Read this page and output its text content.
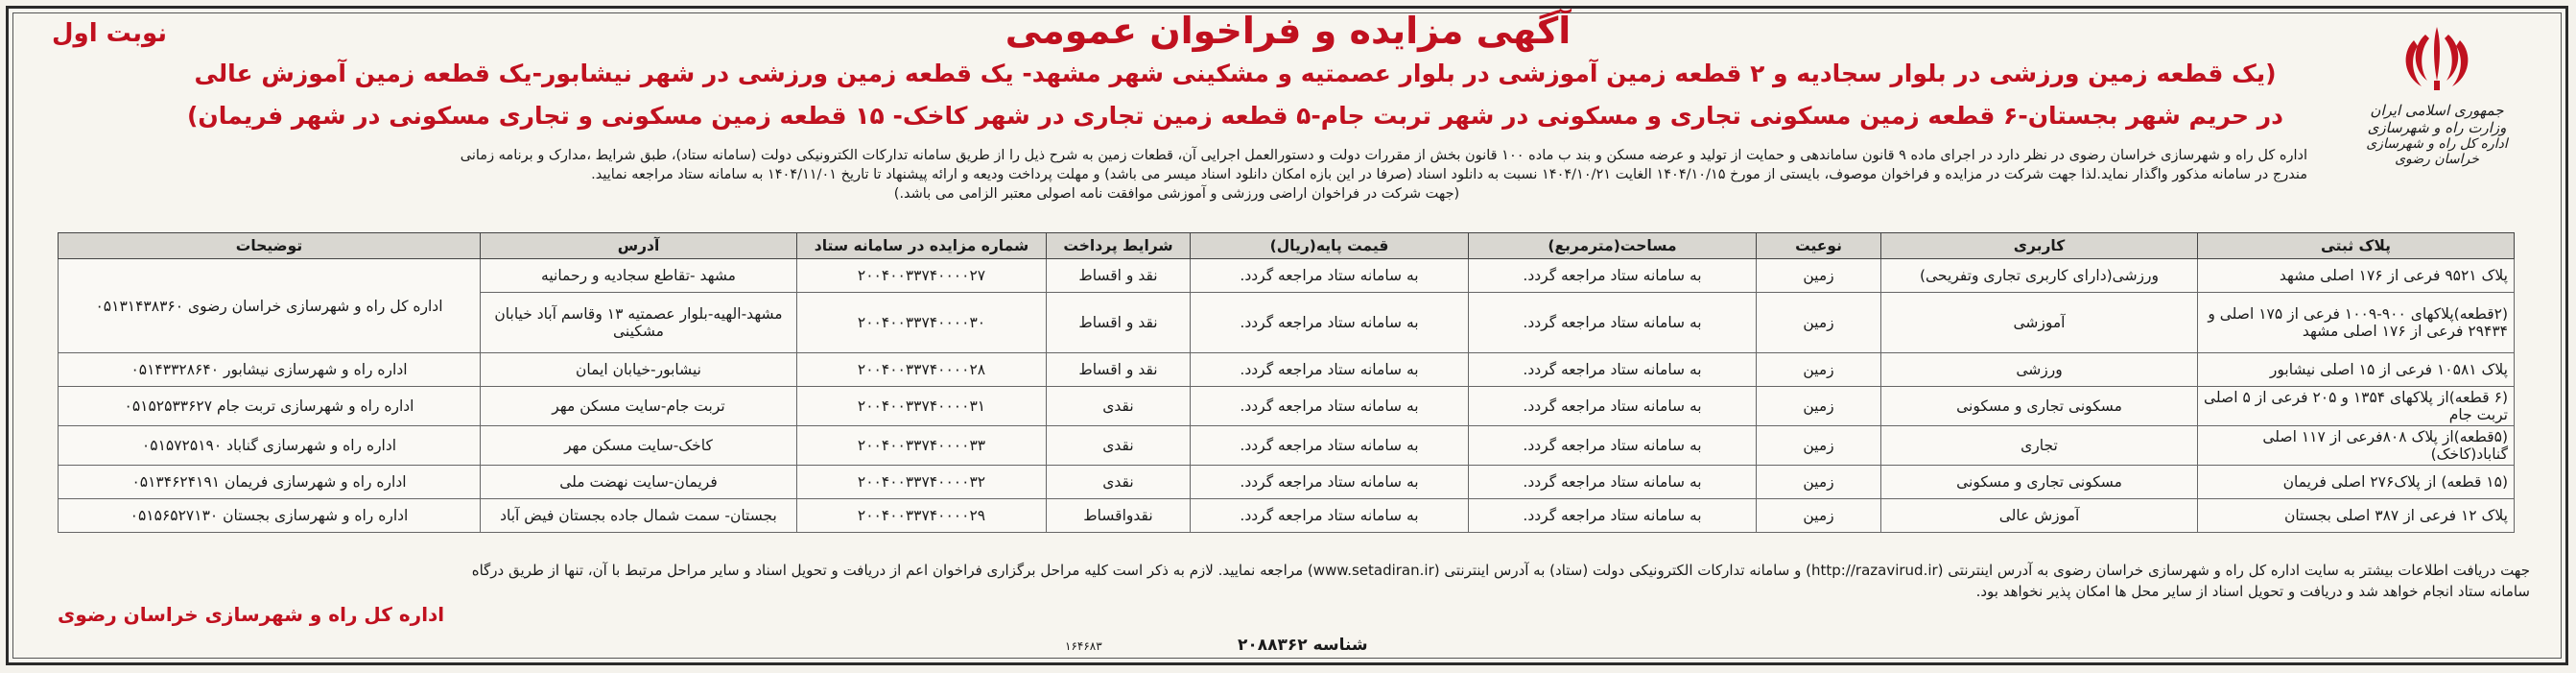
نوبت اول	آگهی مزایده و فراخوان عمومی
(یک قطعه زمین ورزشی در بلوار سجادیه و ۲ قطعه زمین آموزشی در بلوار عصمتیه و مشکینی شهر مشهد- یک قطعه زمین ورزشی در شهر نیشابور-یک قطعه زمین آموزش عالی
در حریم شهر بجستان-۶ قطعه زمین مسکونی تجاری و مسکونی در شهر تربت جام-۵ قطعه زمین تجاری در شهر کاخک- ۱۵ قطعه زمین مسکونی و تجاری مسکونی در شهر فریمان)	جمهوری اسلامی ایران
وزارت راه و شهرسازی
اداره کل راه و شهرسازی خراسان رضوی

اداره کل راه و شهرسازی خراسان رضوی در نظر دارد در اجرای ماده ۹ قانون ساماندهی و حمایت از تولید و عرضه مسکن و بند ب ماده ۱۰۰ قانون بخش از مقررات دولت و دستورالعمل اجرایی آن، قطعات زمین به شرح ذیل را از طریق سامانه تدارکات الکترونیکی دولت (سامانه ستاد)، طبق شرایط ،مدارک و برنامه زمانی

مندرج در سامانه مذکور واگذار نماید.لذا جهت شرکت در مزایده و فراخوان موصوف، بایستی از مورخ ۱۴۰۴/۱۰/۱۵ الغایت ۱۴۰۴/۱۰/۲۱ نسبت به دانلود اسناد (صرفا در این بازه امکان دانلود اسناد میسر می باشد) و مهلت پرداخت ودیعه و ارائه پیشنهاد تا تاریخ ۱۴۰۴/۱۱/۰۱ به سامانه ستاد مراجعه نمایید.

(جهت شرکت در فراخوان اراضی ورزشی و آموزشی موافقت نامه اصولی معتبر الزامی می باشد.)

پلاک ثبتی	کاربری	نوعیت	مساحت(مترمربع)	قیمت پایه(ریال)	شرایط پرداخت	شماره مزایده در سامانه ستاد	آدرس	توضیحات
پلاک ۹۵۲۱ فرعی از ۱۷۶ اصلی مشهد	ورزشی(دارای کاربری تجاری وتفریحی)	زمین	به سامانه ستاد مراجعه گردد.	به سامانه ستاد مراجعه گردد.	نقد و اقساط	۲۰۰۴۰۰۳۳۷۴۰۰۰۰۲۷	مشهد -تقاطع سجادیه و رحمانیه	اداره کل راه و شهرسازی خراسان رضوی ۰۵۱۳۱۴۳۸۳۶۰
(۲قطعه)پلاکهای ۹۰۰-۱۰۰۹ فرعی از ۱۷۵ اصلی و ۲۹۴۳۴ فرعی از ۱۷۶ اصلی مشهد	آموزشی	زمین	به سامانه ستاد مراجعه گردد.	به سامانه ستاد مراجعه گردد.	نقد و اقساط	۲۰۰۴۰۰۳۳۷۴۰۰۰۰۳۰	مشهد-الهیه-بلوار عصمتیه ۱۳ وقاسم آباد خیابان مشکینی	
پلاک ۱۰۵۸۱ فرعی از ۱۵ اصلی نیشابور	ورزشی	زمین	به سامانه ستاد مراجعه گردد.	به سامانه ستاد مراجعه گردد.	نقد و اقساط	۲۰۰۴۰۰۳۳۷۴۰۰۰۰۲۸	نیشابور-خیابان ایمان	اداره راه و شهرسازی نیشابور ۰۵۱۴۳۳۲۸۶۴۰
(۶ قطعه)از پلاکهای ۱۳۵۴ و ۲۰۵ فرعی از ۵ اصلی تربت جام	مسکونی تجاری و مسکونی	زمین	به سامانه ستاد مراجعه گردد.	به سامانه ستاد مراجعه گردد.	نقدی	۲۰۰۴۰۰۳۳۷۴۰۰۰۰۳۱	تربت جام-سایت مسکن مهر	اداره راه و شهرسازی تربت جام ۰۵۱۵۲۵۳۳۶۲۷
(۵قطعه)از پلاک ۸۰۸فرعی از ۱۱۷ اصلی گناباد(کاخک)	تجاری	زمین	به سامانه ستاد مراجعه گردد.	به سامانه ستاد مراجعه گردد.	نقدی	۲۰۰۴۰۰۳۳۷۴۰۰۰۰۳۳	کاخک-سایت مسکن مهر	اداره راه و شهرسازی گناباد ۰۵۱۵۷۲۵۱۹۰
(۱۵ قطعه) از پلاک۲۷۶ اصلی فریمان	مسکونی تجاری و مسکونی	زمین	به سامانه ستاد مراجعه گردد.	به سامانه ستاد مراجعه گردد.	نقدی	۲۰۰۴۰۰۳۳۷۴۰۰۰۰۳۲	فریمان-سایت نهضت ملی	اداره راه و شهرسازی فریمان ۰۵۱۳۴۶۲۴۱۹۱
پلاک ۱۲ فرعی از ۳۸۷ اصلی بجستان	آموزش عالی	زمین	به سامانه ستاد مراجعه گردد.	به سامانه ستاد مراجعه گردد.	نقدواقساط	۲۰۰۴۰۰۳۳۷۴۰۰۰۰۲۹	بجستان- سمت شمال جاده بجستان فیض آباد	اداره راه و شهرسازی بجستان ۰۵۱۵۶۵۲۷۱۳۰

جهت دریافت اطلاعات بیشتر به سایت اداره کل راه و شهرسازی خراسان رضوی به آدرس اینترنتی (http://razavirud.ir) و سامانه تدارکات الکترونیکی دولت (ستاد) به آدرس اینترنتی (www.setadiran.ir) مراجعه نمایید. لازم به ذکر است کلیه مراحل برگزاری فراخوان اعم از دریافت و تحویل اسناد و سایر مراحل مرتبط با آن، تنها از طریق درگاه

سامانه ستاد انجام خواهد شد و دریافت و تحویل اسناد از سایر محل ها امکان پذیر نخواهد بود.

اداره کل راه و شهرسازی خراسان رضوی
شناسه ۲۰۸۸۳۶۲
۱۶۴۶۸۳
